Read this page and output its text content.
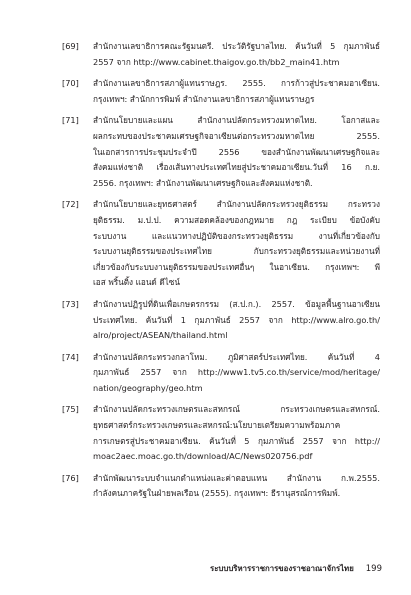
[69]	สำนักงานเลขาธิการคณะรัฐมนตรี. ประวัติรัฐบาลไทย. ค้นวันที่ 5 กุมภาพันธ์
2557 จาก http://www.cabinet.thaigov.go.th/bb2_main41.htm
[70]	สำนักงานเลขาธิการสภาผู้แทนราษฎร. 2555. การก้าวสู่ประชาคมอาเซียน.
กรุงเทพฯ: สำนักการพิมพ์ สำนักงานเลขาธิการสภาผู้แทนราษฎร
[71]	สำนักนโยบายและแผน สำนักงานปลัดกระทรวงมหาดไทย. โอกาสและ
ผลกระทบของประชาคมเศรษฐกิจอาเซียนต่อกระทรวงมหาดไทย 2555.
ในเอกสารการประชุมประจำปี 2556 ของสำนักงานพัฒนาเศรษฐกิจและ
สังคมแห่งชาติ เรื่องเส้นทางประเทศไทยสู่ประชาคมอาเซียน.วันที่ 16 ก.ย.
2556. กรุงเทพฯ: สำนักงานพัฒนาเศรษฐกิจและสังคมแห่งชาติ.
[72]	สำนักนโยบายและยุทธศาสตร์ สำนักงานปลัดกระทรวงยุติธรรม กระทรวง
ยุติธรรม. ม.ป.ป. ความสอดคล้องของกฎหมาย กฎ ระเบียบ ข้อบังคับ
ระบบงาน และแนวทางปฏิบัติของกระทรวงยุติธรรม งานที่เกี่ยวข้องกับ
ระบบงานยุติธรรมของประเทศไทย กับกระทรวงยุติธรรมและหน่วยงานที่
เกี่ยวข้องกับระบบงานยุติธรรมของประเทศอื่นๆ ในอาเซียน. กรุงเทพฯ: พี
เอส พริ้นติ้ง แอนด์ ดีไซน์
[73]	สำนักงานปฏิรูปที่ดินเพื่อเกษตรกรรม (ส.ป.ก.). 2557. ข้อมูลพื้นฐานอาเซียน
ประเทศไทย. ค้นวันที่ 1 กุมภาพันธ์ 2557 จาก http://www.alro.go.th/
alro/project/ASEAN/thailand.html
[74]	สำนักงานปลัดกระทรวงกลาโหม. ภูมิศาสตร์ประเทศไทย. ค้นวันที่ 4
กุมภาพันธ์ 2557 จาก http://www1.tv5.co.th/service/mod/heritage/
nation/geography/geo.htm
[75]	สำนักงานปลัดกระทรวงเกษตรและสหกรณ์ กระทรวงเกษตรและสหกรณ์.
ยุทธศาสตร์กระทรวงเกษตรและสหกรณ์:นโยบายเตรียมความพร้อมภาค
การเกษตรสู่ประชาคมอาเซียน. ค้นวันที่ 5 กุมภาพันธ์ 2557 จาก http://
moac2aec.moac.go.th/download/AC/News020756.pdf
[76]	สำนักพัฒนาระบบจำแนกตำแหน่งและค่าตอบแทน สำนักงาน ก.พ.2555.
กำลังคนภาครัฐในฝ่ายพลเรือน (2555). กรุงเทพฯ: ธีรานุสรณ์การพิมพ์.
ระบบบริหารราชการของราชอาณาจักรไทย 199
